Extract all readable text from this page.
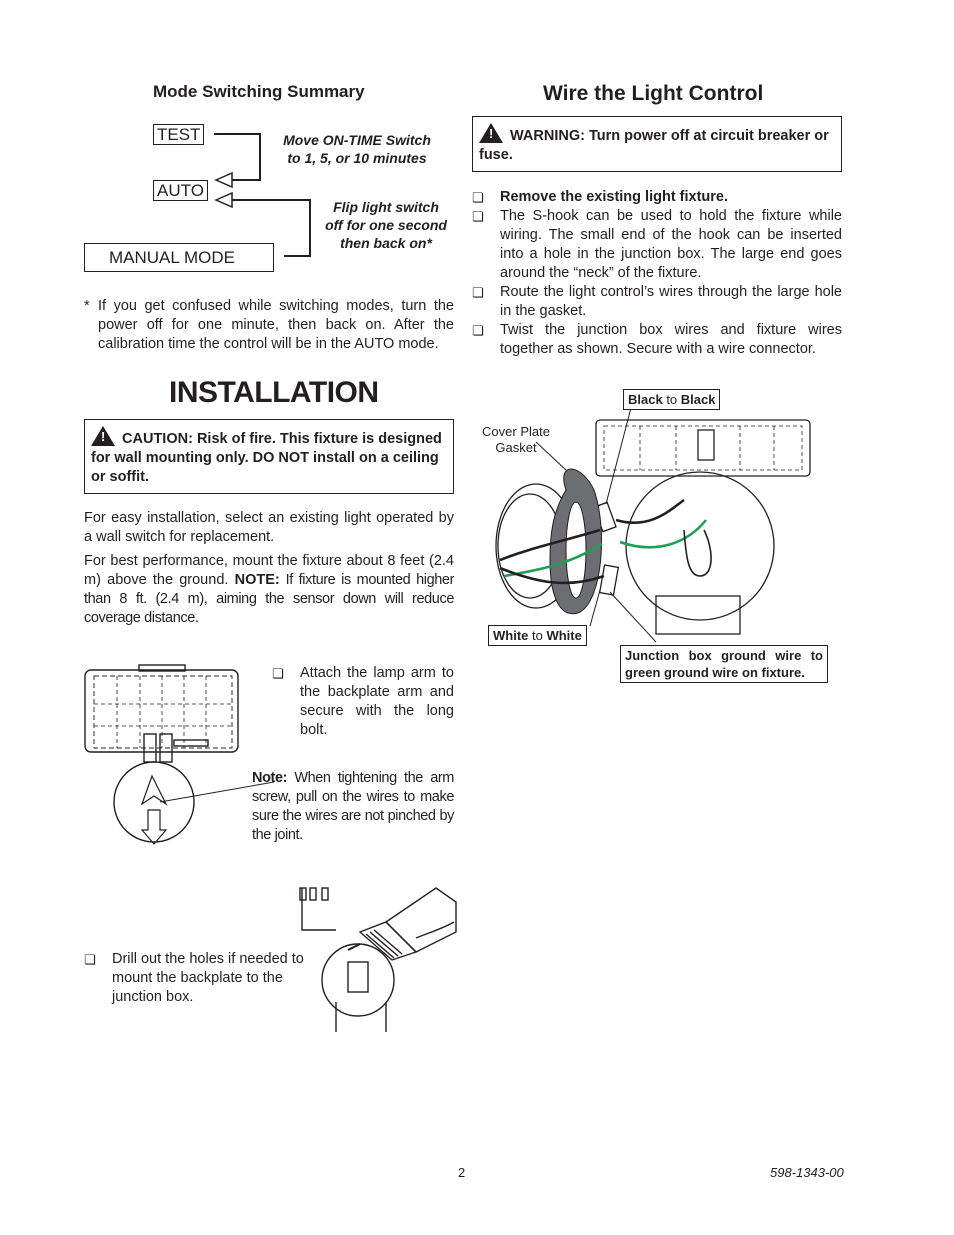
Mode Switching Summary
TEST
AUTO
MANUAL MODE
Move ON-TIME Switch
to 1, 5, or 10 minutes
Flip light switch
off for one second
then back on*
* If you get confused while switching modes, turn the power off for one minute, then back on. After the calibration time the control will be in the AUTO mode.
Wire the Light Control
! WARNING: Turn power off at circuit breaker or fuse.
❏ Remove the existing light fixture.
❏ The S-hook can be used to hold the fixture while wiring. The small end of the hook can be inserted into a hole in the junction box. The large end goes around the “neck” of the fixture.
❏ Route the light control’s wires through the large hole in the gasket.
❏ Twist the junction box wires and fixture wires together as shown. Secure with a wire connector.
INSTALLATION
! CAUTION: Risk of fire. This fixture is designed for wall mounting only. DO NOT install on a ceiling or soffit.
For easy installation, select an existing light operated by a wall switch for replacement.
For best performance, mount the fixture about 8 feet (2.4 m) above the ground. NOTE: If fixture is mounted higher than 8 ft. (2.4 m), aiming the sensor down will reduce coverage distance.
❏ Attach the lamp arm to the backplate arm and secure with the long bolt.
Note: When tightening the arm screw, pull on the wires to make sure the wires are not pinched by the joint.
❏ Drill out the holes if needed to mount the backplate to the junction box.
Black to Black
Cover Plate
Gasket
White to White
Junction box ground wire to green ground wire on fixture.
2	598-1343-00
